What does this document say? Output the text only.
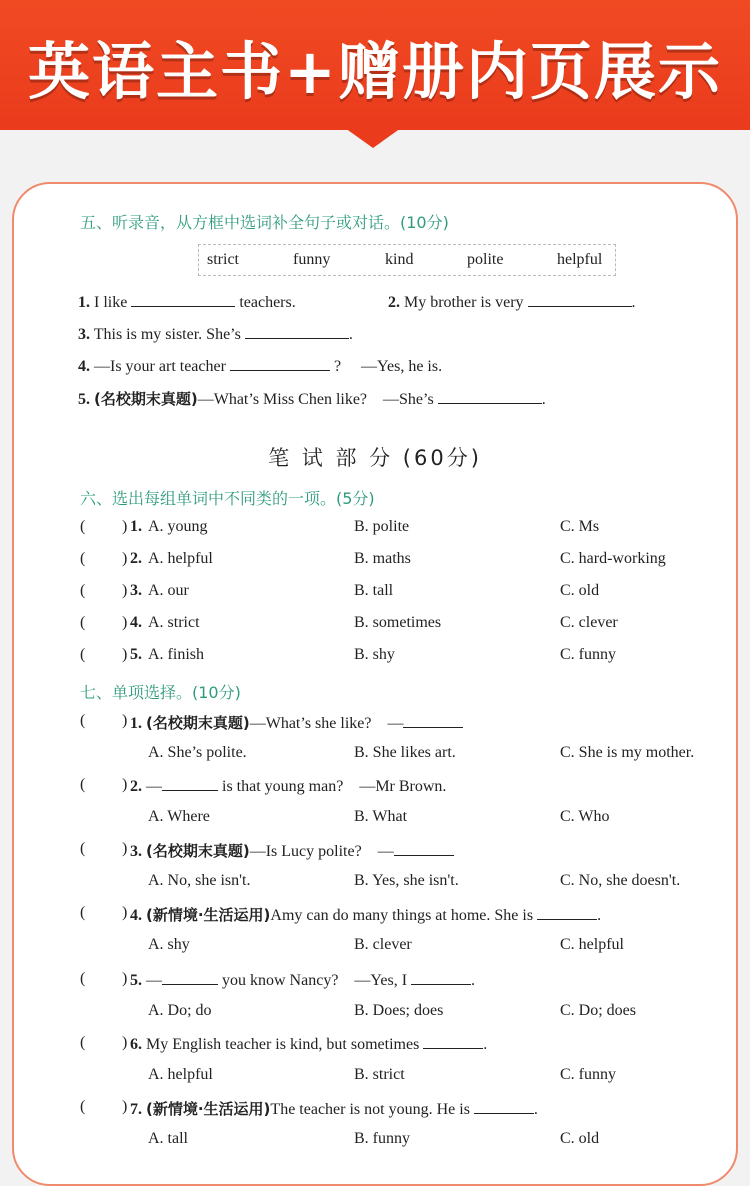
英语主书+赠册内页展示
五、听录音，从方框中选词补全句子或对话。(10分)
strict	funny	kind	polite	helpful
1. I like	teachers.	2. My brother is very	.
3. This is my sister. She’s	.
4. —Is your art teacher	? —Yes, he is.
5. (名校期末真题)—What’s Miss Chen like? —She’s	.
笔 试 部 分 (60分)
六、选出每组单词中不同类的一项。(5分)
( ) 1. A. young	B. polite	C. Ms
( ) 2. A. helpful	B. maths	C. hard-working
( ) 3. A. our	B. tall	C. old
( ) 4. A. strict	B. sometimes	C. clever
( ) 5. A. finish	B. shy	C. funny
七、单项选择。(10分)
( ) 1. (名校期末真题)—What’s she like? —
A. She’s polite.	B. She likes art.	C. She is my mother.
( ) 2. —	is that young man? —Mr Brown.
A. Where	B. What	C. Who
( ) 3. (名校期末真题)—Is Lucy polite? —
A. No, she isn't.	B. Yes, she isn't.	C. No, she doesn't.
( ) 4. (新情境·生活运用)Amy can do many things at home. She is	.
A. shy	B. clever	C. helpful
( ) 5. —	you know Nancy? —Yes, I	.
A. Do; do	B. Does; does	C. Do; does
( ) 6. My English teacher is kind, but sometimes	.
A. helpful	B. strict	C. funny
( ) 7. (新情境·生活运用)The teacher is not young. He is	.
A. tall	B. funny	C. old
